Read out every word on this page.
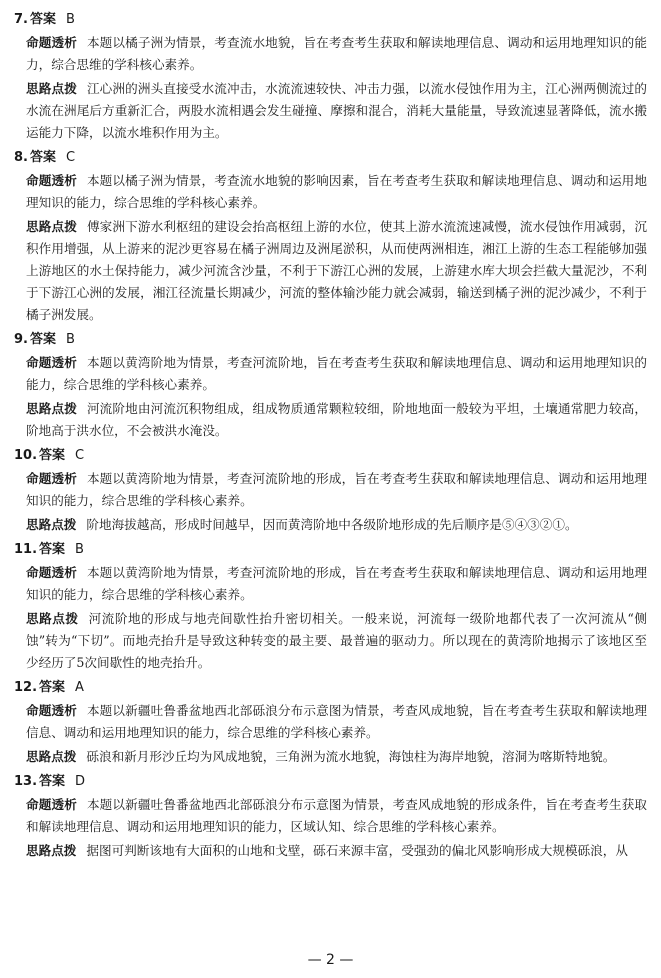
7. 答案 B
命题透析 本题以橘子洲为情景，考查流水地貌，旨在考查考生获取和解读地理信息、调动和运用地理知识的能力，综合思维的学科核心素养。
思路点拨 江心洲的洲头直接受水流冲击，水流流速较快、冲击力强，以流水侵蚀作用为主，江心洲两侧流过的水流在洲尾后方重新汇合，两股水流相遇会发生碰撞、摩擦和混合，消耗大量能量，导致流速显著降低，流水搬运能力下降，以流水堆积作用为主。
8. 答案 C
命题透析 本题以橘子洲为情景，考查流水地貌的影响因素，旨在考查考生获取和解读地理信息、调动和运用地理知识的能力，综合思维的学科核心素养。
思路点拨 傅家洲下游水利枢纽的建设会抬高枢纽上游的水位，使其上游水流流速减慢，流水侵蚀作用减弱，沉积作用增强，从上游来的泥沙更容易在橘子洲周边及洲尾淤积，从而使两洲相连，湘江上游的生态工程能够加强上游地区的水土保持能力，减少河流含沙量，不利于下游江心洲的发展，上游建水库大坝会拦截大量泥沙，不利于下游江心洲的发展，湘江径流量长期减少，河流的整体输沙能力就会减弱，输送到橘子洲的泥沙减少，不利于橘子洲发展。
9. 答案 B
命题透析 本题以黄湾阶地为情景，考查河流阶地，旨在考查考生获取和解读地理信息、调动和运用地理知识的能力，综合思维的学科核心素养。
思路点拨 河流阶地由河流沉积物组成，组成物质通常颗粒较细，阶地地面一般较为平坦，土壤通常肥力较高，阶地高于洪水位，不会被洪水淹没。
10. 答案 C
命题透析 本题以黄湾阶地为情景，考查河流阶地的形成，旨在考查考生获取和解读地理信息、调动和运用地理知识的能力，综合思维的学科核心素养。
思路点拨 阶地海拔越高，形成时间越早，因而黄湾阶地中各级阶地形成的先后顺序是⑤④③②①。
11. 答案 B
命题透析 本题以黄湾阶地为情景，考查河流阶地的形成，旨在考查考生获取和解读地理信息、调动和运用地理知识的能力，综合思维的学科核心素养。
思路点拨 河流阶地的形成与地壳间歇性抬升密切相关。一般来说，河流每一级阶地都代表了一次河流从“侧蚀”转为“下切”。而地壳抬升是导致这种转变的最主要、最普遍的驱动力。所以现在的黄湾阶地揭示了该地区至少经历了5次间歇性的地壳抬升。
12. 答案 A
命题透析 本题以新疆吐鲁番盆地西北部砾浪分布示意图为情景，考查风成地貌，旨在考查考生获取和解读地理信息、调动和运用地理知识的能力，综合思维的学科核心素养。
思路点拨 砾浪和新月形沙丘均为风成地貌，三角洲为流水地貌，海蚀柱为海岸地貌，溶洞为喀斯特地貌。
13. 答案 D
命题透析 本题以新疆吐鲁番盆地西北部砾浪分布示意图为情景，考查风成地貌的形成条件，旨在考查考生获取和解读地理信息、调动和运用地理知识的能力，区域认知、综合思维的学科核心素养。
思路点拨 据图可判断该地有大面积的山地和戈壁，砾石来源丰富，受强劲的偏北风影响形成大规模砾浪，从
— 2 —
